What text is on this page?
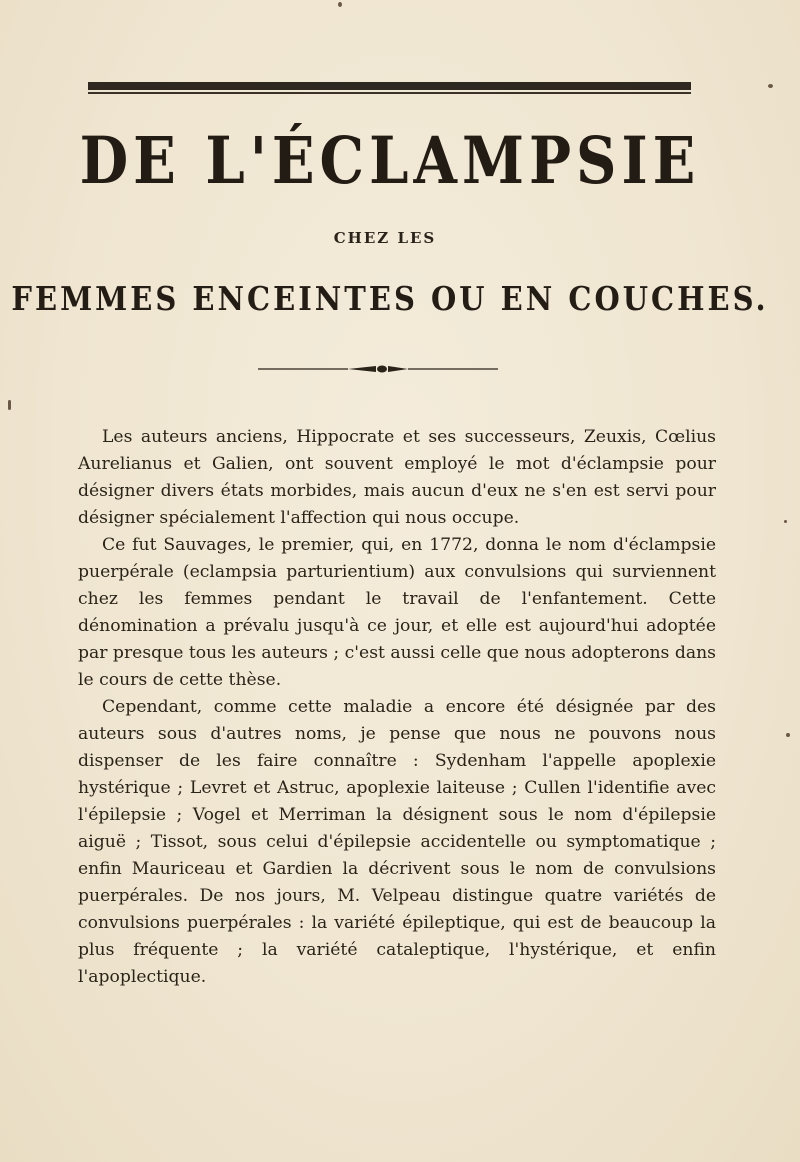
DE L'ÉCLAMPSIE
CHEZ LES
FEMMES ENCEINTES OU EN COUCHES.

Les auteurs anciens, Hippocrate et ses successeurs, Zeuxis, Cœlius Aurelianus et Galien, ont souvent employé le mot d'éclampsie pour désigner divers états morbides, mais aucun d'eux ne s'en est servi pour désigner spécialement l'affection qui nous occupe.

Ce fut Sauvages, le premier, qui, en 1772, donna le nom d'éclampsie puerpérale (eclampsia parturientium) aux convulsions qui surviennent chez les femmes pendant le travail de l'enfantement. Cette dénomination a prévalu jusqu'à ce jour, et elle est aujourd'hui adoptée par presque tous les auteurs ; c'est aussi celle que nous adopterons dans le cours de cette thèse.

Cependant, comme cette maladie a encore été désignée par des auteurs sous d'autres noms, je pense que nous ne pouvons nous dispenser de les faire connaître : Sydenham l'appelle apoplexie hystérique ; Levret et Astruc, apoplexie laiteuse ; Cullen l'identifie avec l'épilepsie ; Vogel et Merriman la désignent sous le nom d'épilepsie aiguë ; Tissot, sous celui d'épilepsie accidentelle ou symptomatique ; enfin Mauriceau et Gardien la décrivent sous le nom de convulsions puerpérales. De nos jours, M. Velpeau distingue quatre variétés de convulsions puerpérales : la variété épileptique, qui est de beaucoup la plus fréquente ; la variété cataleptique, l'hystérique, et enfin l'apoplectique.
